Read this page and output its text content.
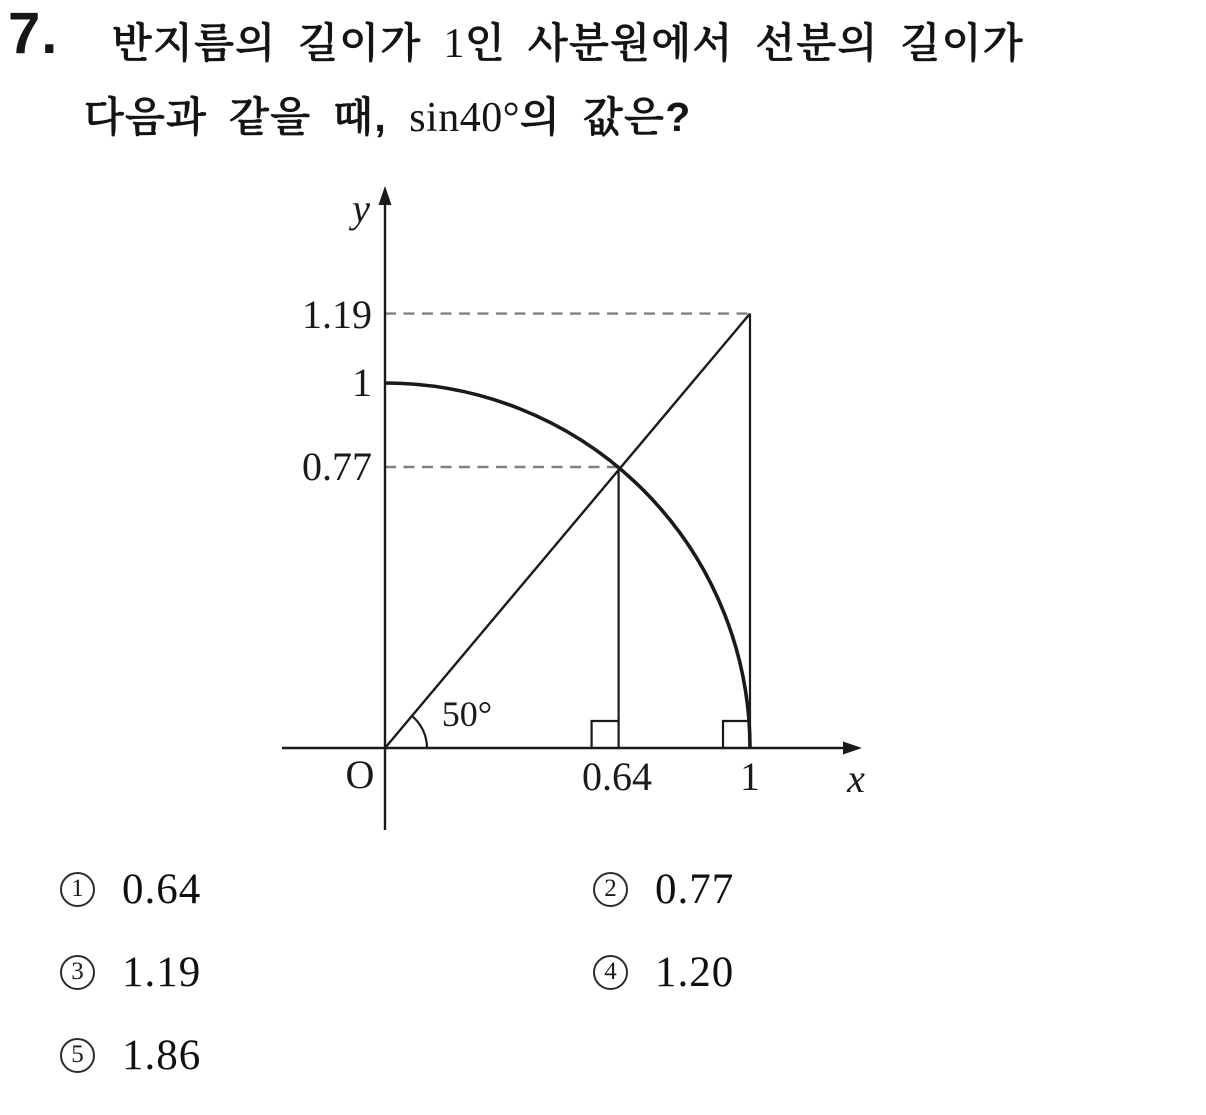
7. 반지름의 길이가 1인 사분원에서 선분의 길이가
다음과 같을 때, sin40°의 값은?
y
x
O
1.19
1
0.77
0.64 1
50°
1 0.64	2 0.77
3 1.19	4 1.20
5 1.86
